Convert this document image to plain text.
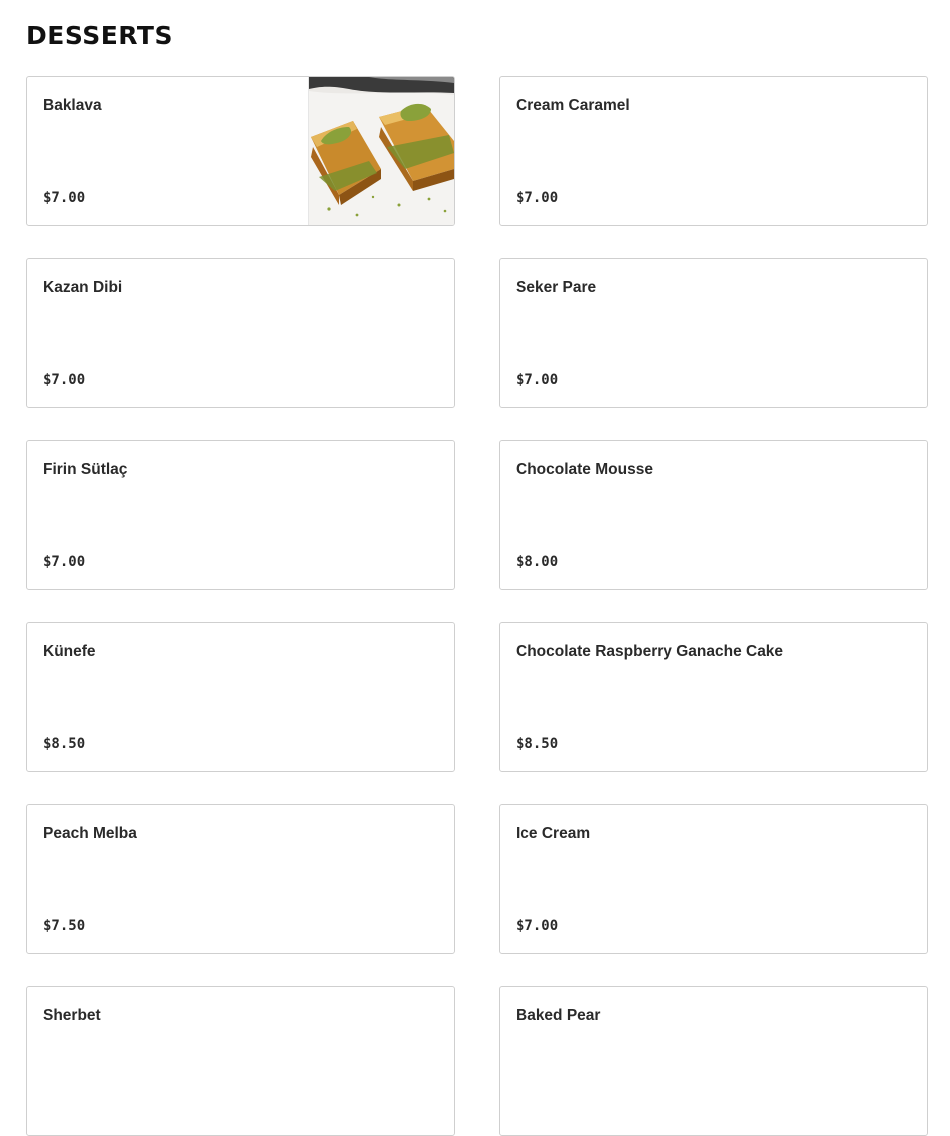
DESSERTS
Baklava
$7.00
Cream Caramel
$7.00
Kazan Dibi
$7.00
Seker Pare
$7.00
Firin Sütlaç
$7.00
Chocolate Mousse
$8.00
Künefe
$8.50
Chocolate Raspberry Ganache Cake
$8.50
Peach Melba
$7.50
Ice Cream
$7.00
Sherbet	Baked Pear
